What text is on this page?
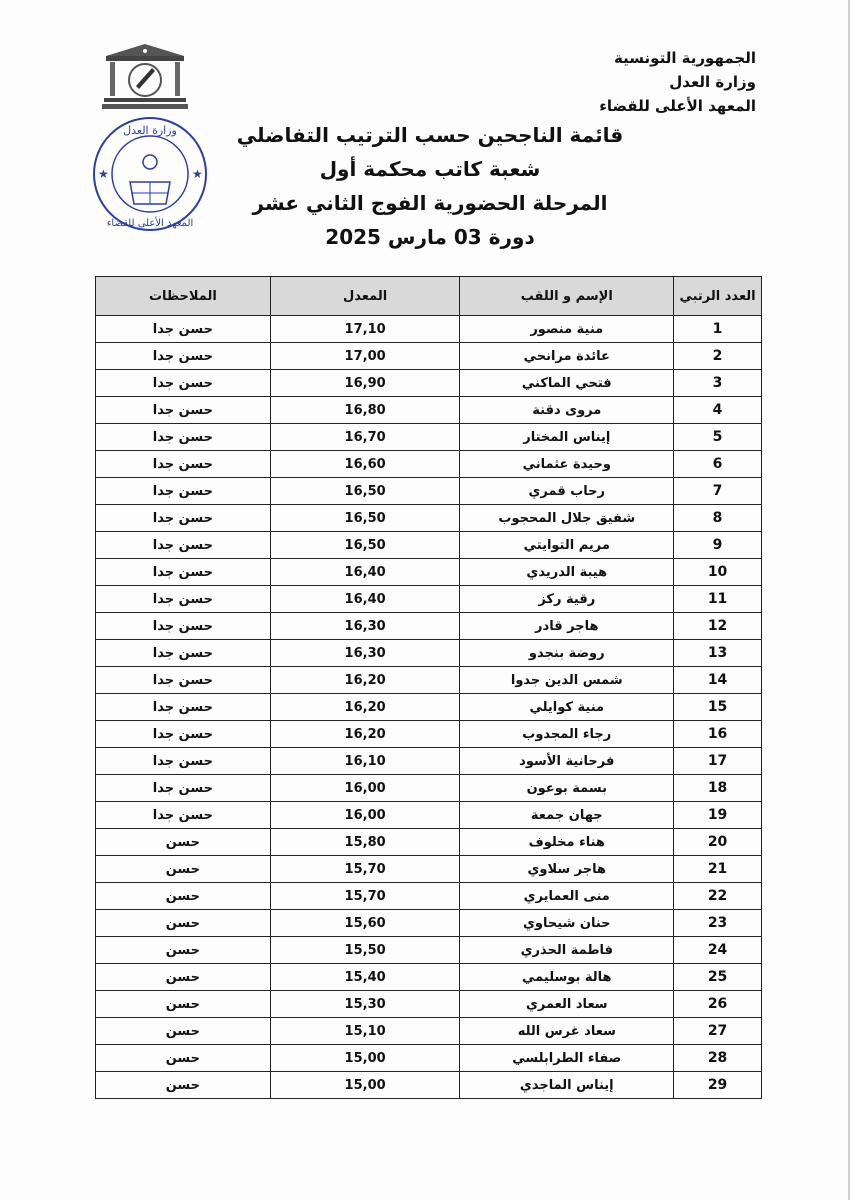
الجمهورية التونسية
وزارة العدل
المعهد الأعلى للقضاء
★	★
وزارة العدل
المعهد الأعلى للقضاء
قائمة الناجحين حسب الترتيب التفاضلي
شعبة كاتب محكمة أول
المرحلة الحضورية الفوج الثاني عشر
دورة 03 مارس 2025
العدد الرتبي	الإسم و اللقب	المعدل	الملاحظات
1	منية منصور	17,10	حسن جدا
2	عائدة مرانحي	17,00	حسن جدا
3	فتحي الماكني	16,90	حسن جدا
4	مروى دقنة	16,80	حسن جدا
5	إيناس المختار	16,70	حسن جدا
6	وحيدة عثماني	16,60	حسن جدا
7	رحاب قمري	16,50	حسن جدا
8	شفيق جلال المحجوب	16,50	حسن جدا
9	مريم التوايتي	16,50	حسن جدا
10	هيبة الدريدي	16,40	حسن جدا
11	رقية ركز	16,40	حسن جدا
12	هاجر قادر	16,30	حسن جدا
13	روضة بنجدو	16,30	حسن جدا
14	شمس الدين جدوا	16,20	حسن جدا
15	منية كوايلي	16,20	حسن جدا
16	رجاء المجدوب	16,20	حسن جدا
17	فرحانية الأسود	16,10	حسن جدا
18	بسمة بوعون	16,00	حسن جدا
19	جهان جمعة	16,00	حسن جدا
20	هناء مخلوف	15,80	حسن
21	هاجر سلاوي	15,70	حسن
22	منى العمايري	15,70	حسن
23	حنان شيحاوي	15,60	حسن
24	فاطمة الحذري	15,50	حسن
25	هالة بوسليمي	15,40	حسن
26	سعاد العمري	15,30	حسن
27	سعاد غرس الله	15,10	حسن
28	صفاء الطرابلسي	15,00	حسن
29	إيناس الماجدي	15,00	حسن
